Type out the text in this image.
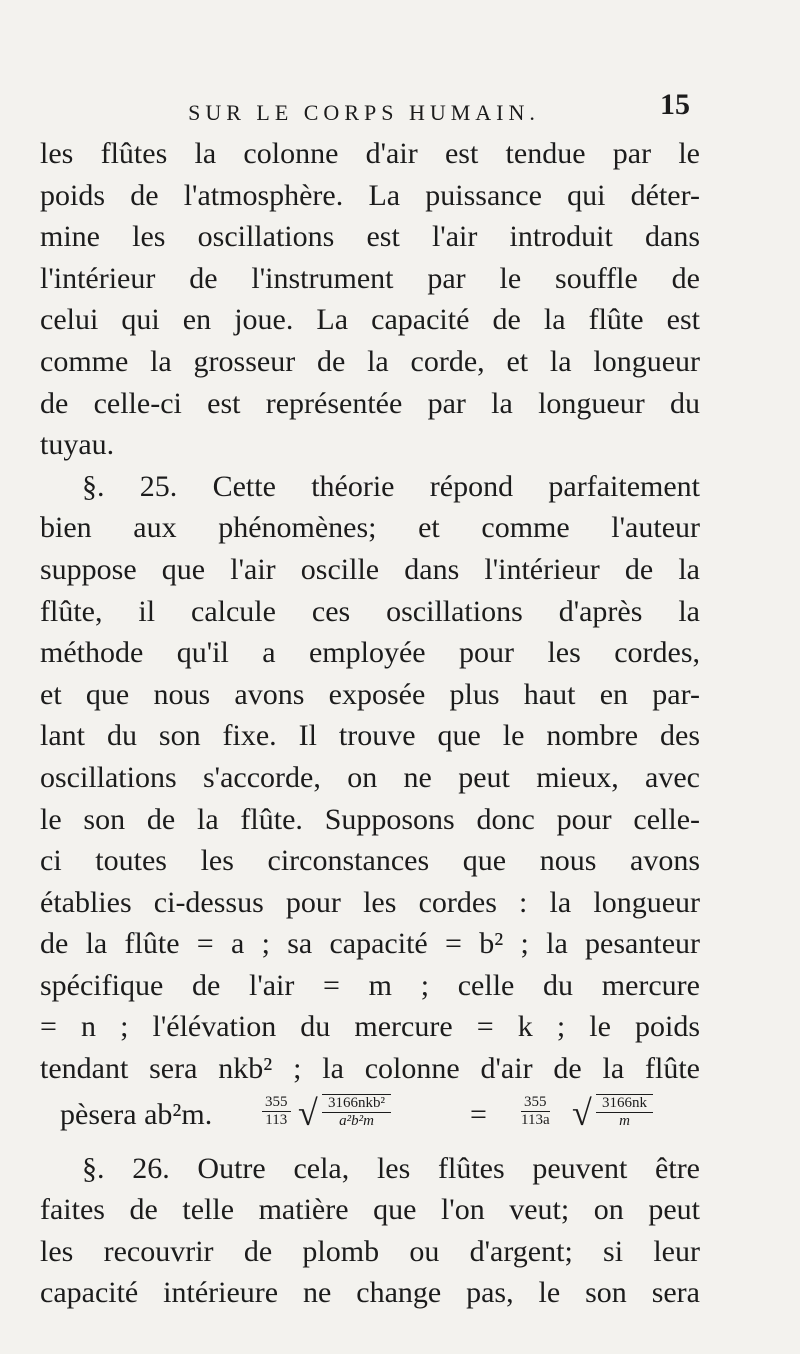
SUR LE CORPS HUMAIN.	15
les flûtes la colonne d'air est tendue par le
poids de l'atmosphère. La puissance qui déter-
mine les oscillations est l'air introduit dans
l'intérieur de l'instrument par le souffle de
celui qui en joue. La capacité de la flûte est
comme la grosseur de la corde, et la longueur
de celle-ci est représentée par la longueur du
tuyau.
§. 25. Cette théorie répond parfaitement
bien aux phénomènes; et comme l'auteur
suppose que l'air oscille dans l'intérieur de la
flûte, il calcule ces oscillations d'après la
méthode qu'il a employée pour les cordes,
et que nous avons exposée plus haut en par-
lant du son fixe. Il trouve que le nombre des
oscillations s'accorde, on ne peut mieux, avec
le son de la flûte. Supposons donc pour celle-
ci toutes les circonstances que nous avons
établies ci-dessus pour les cordes : la longueur
de la flûte = a ; sa capacité = b² ; la pesanteur
spécifique de l'air = m ; celle du mercure
= n ; l'élévation du mercure = k ; le poids
tendant sera nkb² ; la colonne d'air de la flûte
pèsera ab²m.	$\frac{355}{113}$ √ 3166nkb²
a²b²m	= $\frac{355}{113a}$ √ $\frac{3166nk}{m}$
§. 26. Outre cela, les flûtes peuvent être
faites de telle matière que l'on veut; on peut
les recouvrir de plomb ou d'argent; si leur
capacité intérieure ne change pas, le son sera
